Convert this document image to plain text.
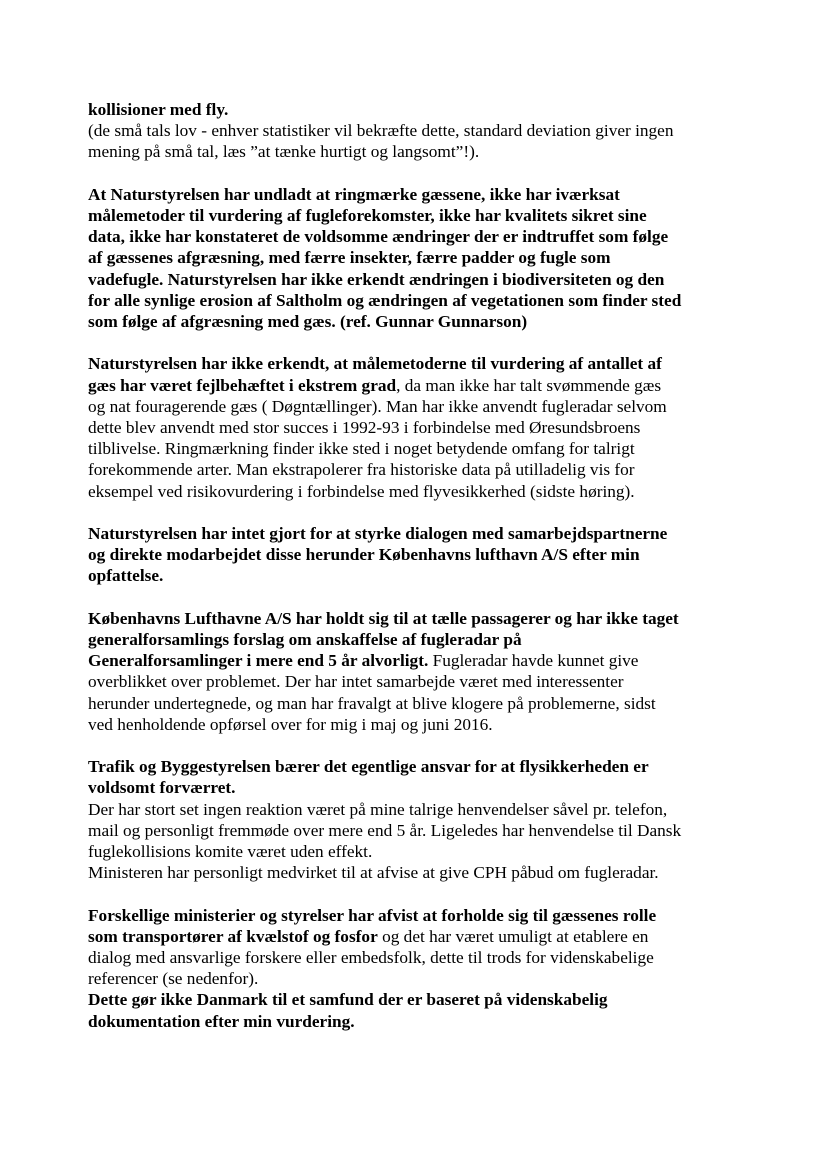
kollisioner med fly.
(de små tals lov - enhver statistiker vil bekræfte dette, standard deviation giver ingen
mening på små tal, læs ”at tænke hurtigt og langsomt”!).
At Naturstyrelsen har undladt at ringmærke gæssene, ikke har iværksat
målemetoder til vurdering af fugleforekomster, ikke har kvalitets sikret sine
data, ikke har konstateret de voldsomme ændringer der er indtruffet som følge
af gæssenes afgræsning, med færre insekter, færre padder og fugle som
vadefugle. Naturstyrelsen har ikke erkendt ændringen i biodiversiteten og den
for alle synlige erosion af Saltholm og ændringen af vegetationen som finder sted
som følge af afgræsning med gæs. (ref. Gunnar Gunnarson)
Naturstyrelsen har ikke erkendt, at målemetoderne til vurdering af antallet af
gæs har været fejlbehæftet i ekstrem grad, da man ikke har talt svømmende gæs
og nat fouragerende gæs ( Døgntællinger). Man har ikke anvendt fugleradar selvom
dette blev anvendt med stor succes i 1992-93 i forbindelse med Øresundsbroens
tilblivelse. Ringmærkning finder ikke sted i noget betydende omfang for talrigt
forekommende arter. Man ekstrapolerer fra historiske data på utilladelig vis for
eksempel ved risikovurdering i forbindelse med flyvesikkerhed (sidste høring).
Naturstyrelsen har intet gjort for at styrke dialogen med samarbejdspartnerne
og direkte modarbejdet disse herunder Københavns lufthavn A/S efter min
opfattelse.
Københavns Lufthavne A/S har holdt sig til at tælle passagerer og har ikke taget
generalforsamlings forslag om anskaffelse af fugleradar på
Generalforsamlinger i mere end 5 år alvorligt. Fugleradar havde kunnet give
overblikket over problemet. Der har intet samarbejde været med interessenter
herunder undertegnede, og man har fravalgt at blive klogere på problemerne, sidst
ved henholdende opførsel over for mig i maj og juni 2016.
Trafik og Byggestyrelsen bærer det egentlige ansvar for at flysikkerheden er
voldsomt forværret.
Der har stort set ingen reaktion været på mine talrige henvendelser såvel pr. telefon,
mail og personligt fremmøde over mere end 5 år. Ligeledes har henvendelse til Dansk
fuglekollisions komite været uden effekt.
Ministeren har personligt medvirket til at afvise at give CPH påbud om fugleradar.
Forskellige ministerier og styrelser har afvist at forholde sig til gæssenes rolle
som transportører af kvælstof og fosfor og det har været umuligt at etablere en
dialog med ansvarlige forskere eller embedsfolk, dette til trods for videnskabelige
referencer (se nedenfor).
Dette gør ikke Danmark til et samfund der er baseret på videnskabelig
dokumentation efter min vurdering.
